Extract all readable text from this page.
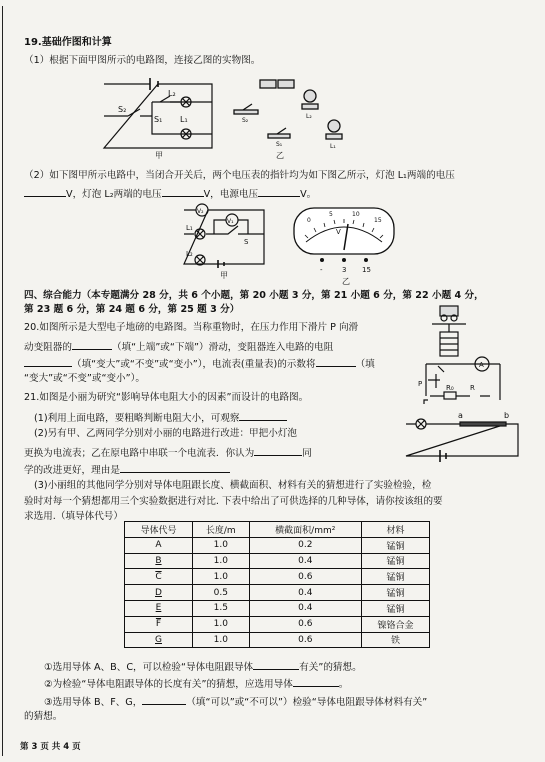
19.基础作图和计算
（1）根据下面甲图所示的电路图，连接乙图的实物图。
S₂
S₁ L₁
L₂
甲
S₂
S₁
L₂
L₁
乙
（2）如下图甲所示电路中，当闭合开关后，两个电压表的指针均为如下图乙所示，灯泡 L₁两端的电压
V，灯泡 L₂两端的电压	V，电源电压	V。
V₂
V₁
L₁
L₂
S
甲
V
0
5	10
15
-	3 15
乙
四、综合能力（本专题满分 28 分，共 6 个小题，第 20 小题 3 分，第 21 小题 6 分，第 22 小题 4 分，
第 23 题 6 分，第 24 题 6 分，第 25 题 3 分）
20.如图所示是大型电子地磅的电路图。当称重物时，在压力作用下滑片 P 向滑
动变阻器的	（填“上端”或“下端”）滑动，变阻器连入电路的电阻
（填“变大”或“不变”或“变小”），电流表(重量表)的示数将	（填
“变大”或“不变”或“变小”）。
A
P	R₀ R
21.如图是小丽为研究“影响导体电阻大小的因素”而设计的电路图。
(1)利用上面电路，要粗略判断电阻大小，可观察
(2)另有甲、乙两同学分别对小丽的电路进行改进：甲把小灯泡
更换为电流表；乙在原电路中串联一个电流表．你认为	同
学的改进更好，理由是
a	b
(3)小丽组的其他同学分别对导体电阻跟长度、横截面积、材料有关的猜想进行了实验检验，检
验时对每一个猜想都用三个实验数据进行对比. 下表中给出了可供选择的几种导体，请你按该组的要
求选用.（填导体代号）
导体代号	长度/m	横截面积/mm²	材料
A	1.0	0.2	锰铜
B	1.0	0.4	锰铜
$\overline{C}$	1.0	0.6	锰铜
D	0.5	0.4	锰铜
E	1.5	0.4	锰铜
$\overline{F}$	1.0	0.6	镍铬合金
G	1.0	0.6	铁
①选用导体 A、B、C，可以检验“导体电阻跟导体	有关”的猜想。
②为检验“导体电阻跟导体的长度有关”的猜想，应选用导体	。
③选用导体 B、F、G，	（填“可以”或“不可以”）检验“导体电阻跟导体材料有关”
的猜想。
第 3 页 共 4 页
